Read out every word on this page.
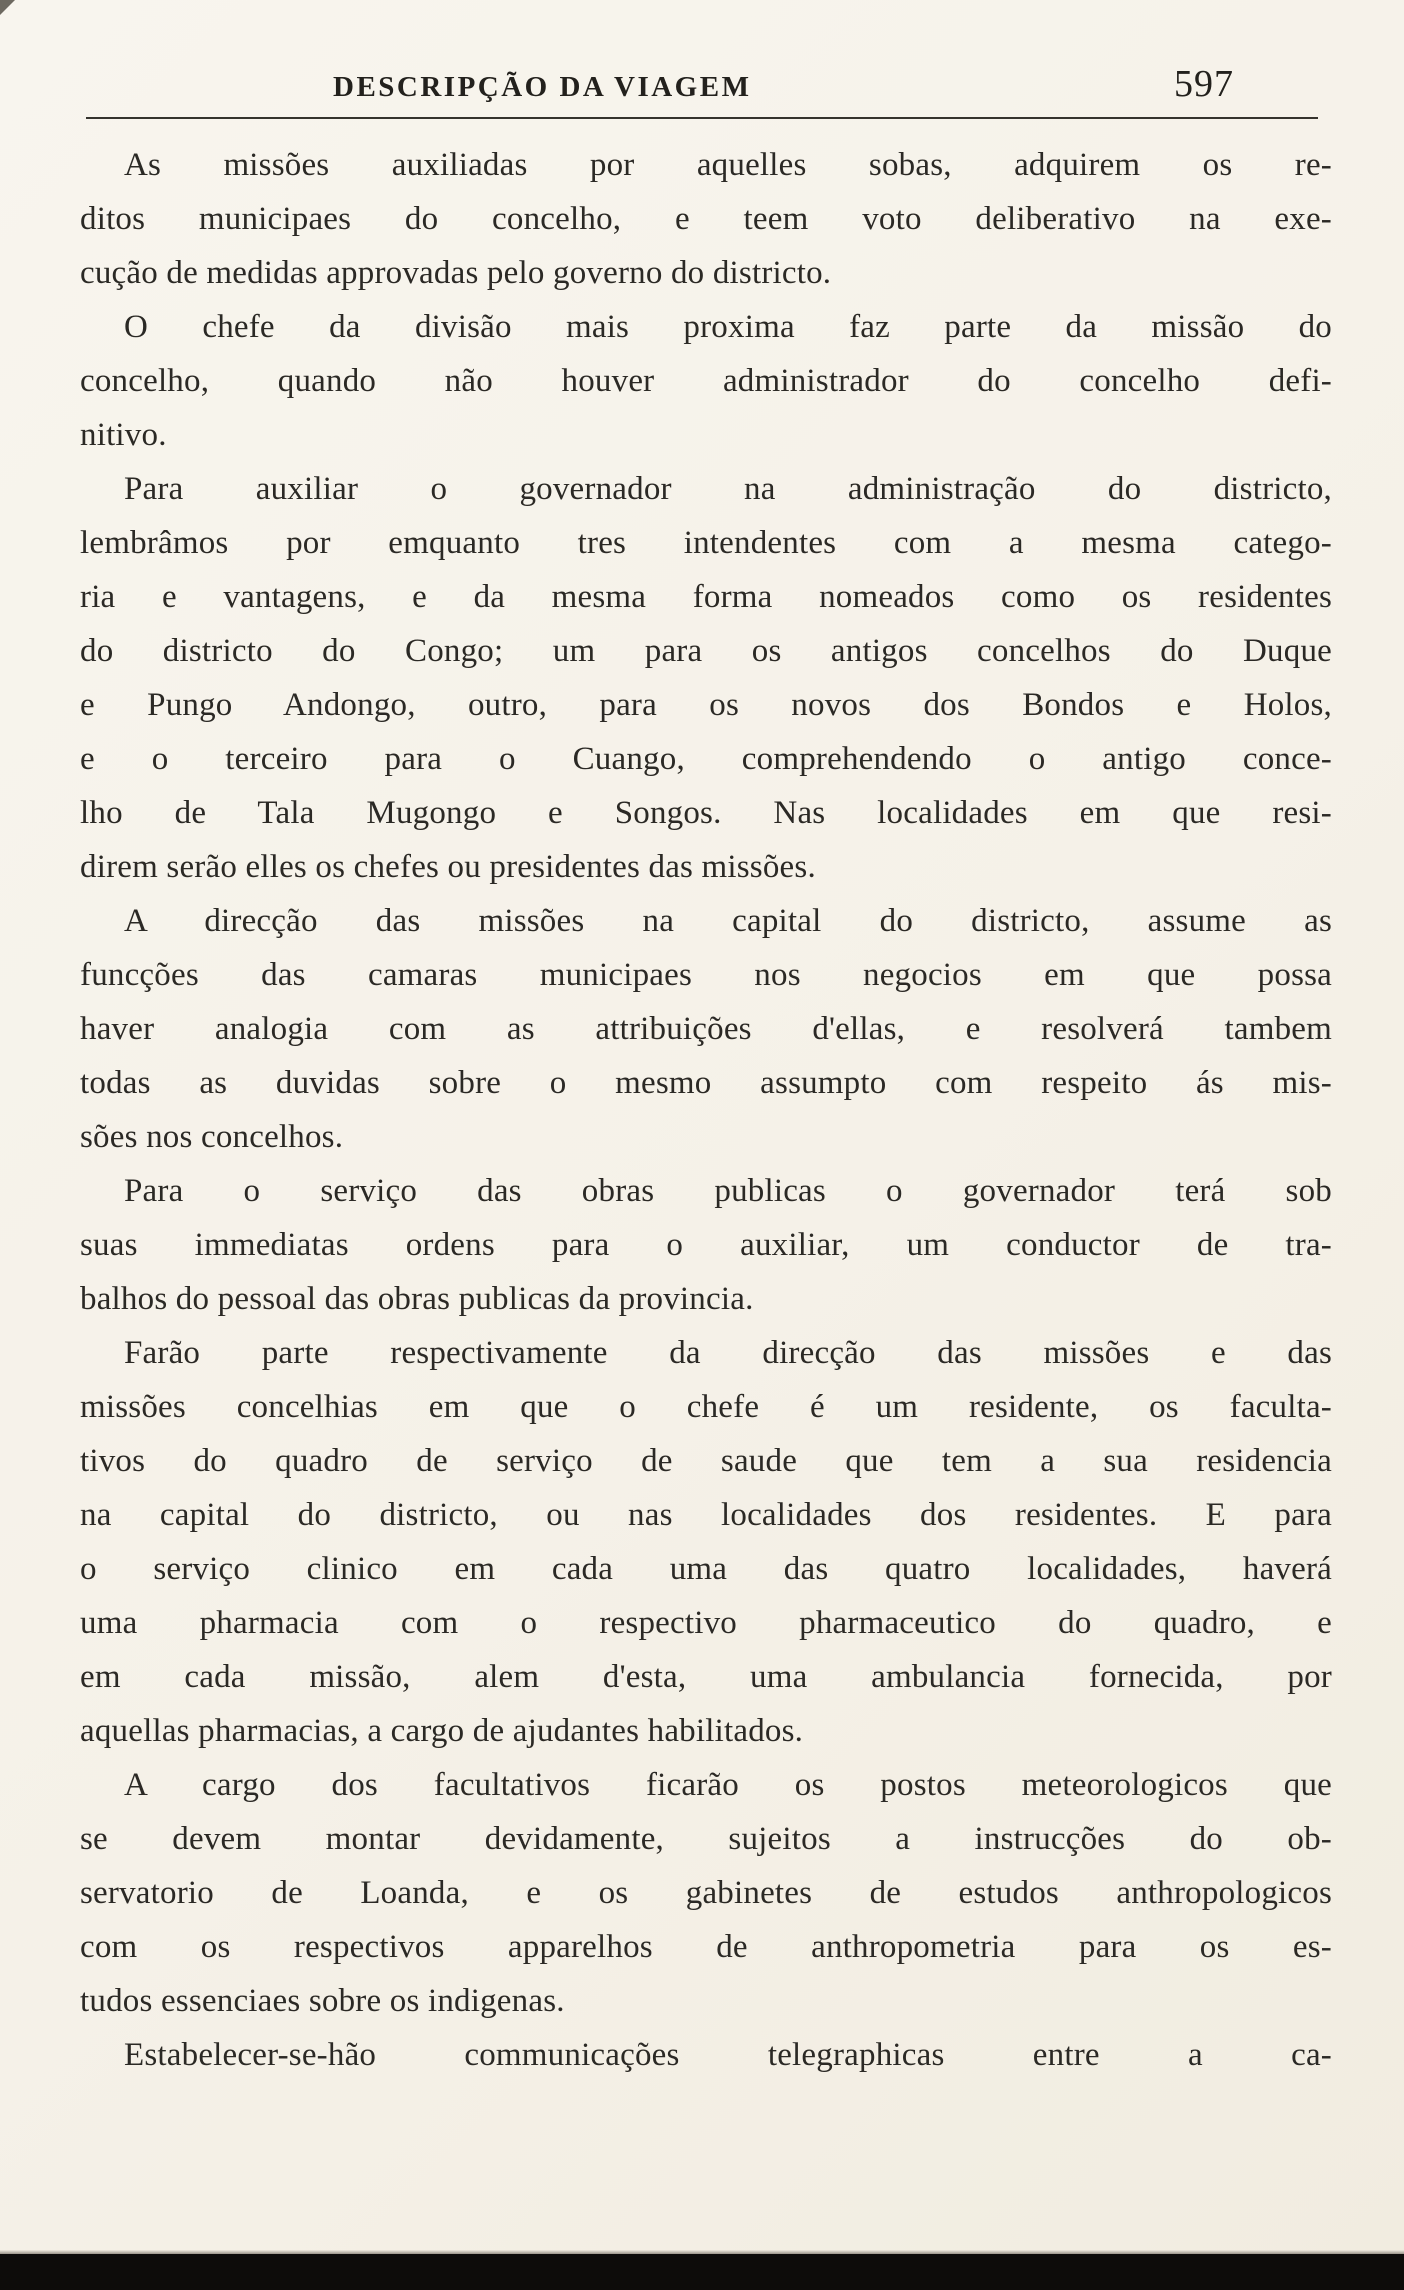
DESCRIPÇÃO DA VIAGEM	597
As missões auxiliadas por aquelles sobas, adquirem os re-
ditos municipaes do concelho, e teem voto deliberativo na exe-
cução de medidas approvadas pelo governo do districto.
O chefe da divisão mais proxima faz parte da missão do
concelho, quando não houver administrador do concelho defi-
nitivo.
Para auxiliar o governador na administração do districto,
lembrâmos por emquanto tres intendentes com a mesma catego-
ria e vantagens, e da mesma forma nomeados como os residentes
do districto do Congo; um para os antigos concelhos do Duque
e Pungo Andongo, outro, para os novos dos Bondos e Holos,
e o terceiro para o Cuango, comprehendendo o antigo conce-
lho de Tala Mugongo e Songos. Nas localidades em que resi-
direm serão elles os chefes ou presidentes das missões.
A direcção das missões na capital do districto, assume as
funcções das camaras municipaes nos negocios em que possa
haver analogia com as attribuições d'ellas, e resolverá tambem
todas as duvidas sobre o mesmo assumpto com respeito ás mis-
sões nos concelhos.
Para o serviço das obras publicas o governador terá sob
suas immediatas ordens para o auxiliar, um conductor de tra-
balhos do pessoal das obras publicas da provincia.
Farão parte respectivamente da direcção das missões e das
missões concelhias em que o chefe é um residente, os faculta-
tivos do quadro de serviço de saude que tem a sua residencia
na capital do districto, ou nas localidades dos residentes. E para
o serviço clinico em cada uma das quatro localidades, haverá
uma pharmacia com o respectivo pharmaceutico do quadro, e
em cada missão, alem d'esta, uma ambulancia fornecida, por
aquellas pharmacias, a cargo de ajudantes habilitados.
A cargo dos facultativos ficarão os postos meteorologicos que
se devem montar devidamente, sujeitos a instrucções do ob-
servatorio de Loanda, e os gabinetes de estudos anthropologicos
com os respectivos apparelhos de anthropometria para os es-
tudos essenciaes sobre os indigenas.
Estabelecer-se-hão communicações telegraphicas entre a ca-
